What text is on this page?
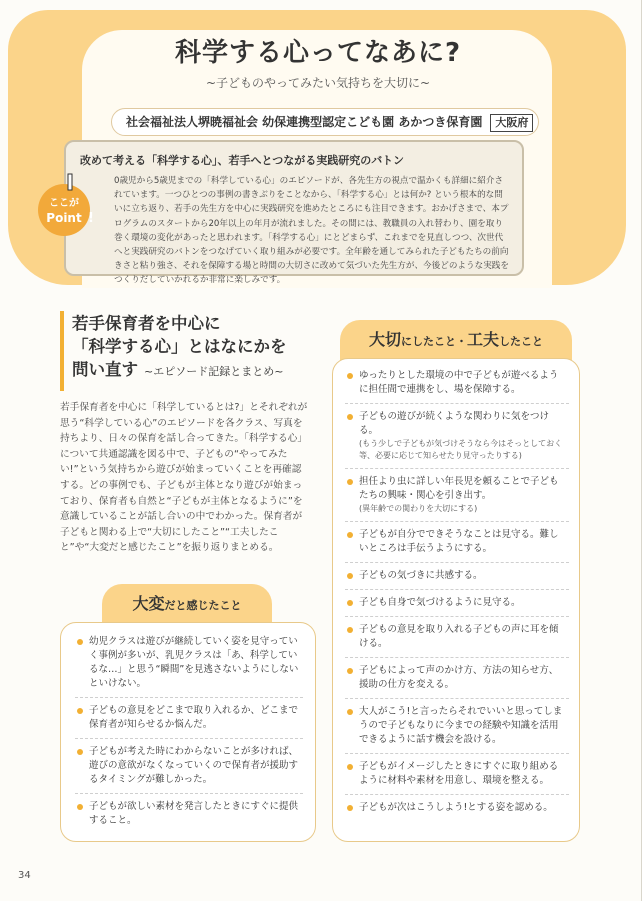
科学する心ってなあに?
~子どものやってみたい気持ちを大切に~
社会福祉法人堺暁福祉会 幼保連携型認定こども園 あかつき保育園 大阪府
改めて考える「科学する心」、若手へとつながる実践研究のバトン
0歳児から5歳児までの「科学している心」のエピソードが、各先生方の視点で温かくも詳細に紹介されています。一つひとつの事例の書きぶりをことなから、「科学する心」とは何か? という根本的な問いに立ち返り、若手の先生方を中心に実践研究を進めたところにも注目できます。おかげさまで、本プログラムのスタートから20年以上の年月が流れました。その間には、教職員の入れ替わり、園を取り巻く環境の変化があったと思われます。「科学する心」にとどまらず、これまでを見直しつつ、次世代へと実践研究のバトンをつなげていく取り組みが必要です。全年齢を通してみられた子どもたちの前向きさと粘り強さ、それを保障する場と時間の大切さに改めて気づいた先生方が、今後どのような実践をつくりだしていかれるか非常に楽しみです。
ここが
Point !
若手保育者を中心に
「科学する心」とはなにかを
問い直す ~エピソード記録とまとめ~
若手保育者を中心に「科学しているとは?」とそれぞれが思う“科学している心”のエピソードを各クラス、写真を持ちより、日々の保育を話し合ってきた。「科学する心」について共通認識を図る中で、子どもの“やってみたい!”という気持ちから遊びが始まっていくことを再確認する。どの事例でも、子どもが主体となり遊びが始まっており、保育者も自然と“子どもが主体となるように”を意識していることが話し合いの中でわかった。保育者が子どもと関わる上で“大切にしたこと”“工夫したこと”や“大変だと感じたこと”を振り返りまとめる。
大変だと感じたこと
幼児クラスは遊びが継続していく姿を見守っていく事例が多いが、乳児クラスは「あ、科学しているな…」と思う“瞬間”を見逃さないようにしないといけない。
子どもの意見をどこまで取り入れるか、どこまで保育者が知らせるか悩んだ。
子どもが考えた時にわからないことが多ければ、遊びの意欲がなくなっていくので保育者が援助するタイミングが難しかった。
子どもが欲しい素材を発言したときにすぐに提供すること。
大切にしたこと・工夫したこと
ゆったりとした環境の中で子どもが遊べるように担任間で連携をし、場を保障する。
子どもの遊びが続くような関わりに気をつける。
(もう少しで子どもが気づけそうなら今はそっとしておく等、必要に応じて知らせたり見守ったりする)
担任より虫に詳しい年長児を頼ることで子どもたちの興味・関心を引き出す。
(異年齢での関わりを大切にする)
子どもが自分でできそうなことは見守る。難しいところは手伝うようにする。
子どもの気づきに共感する。
子ども自身で気づけるように見守る。
子どもの意見を取り入れる子どもの声に耳を傾ける。
子どもによって声のかけ方、方法の知らせ方、援助の仕方を変える。
大人がこう!と言ったらそれでいいと思ってしまうので子どもなりに今までの経験や知識を活用できるように話す機会を設ける。
子どもがイメージしたときにすぐに取り組めるように材料や素材を用意し、環境を整える。
子どもが次はこうしよう!とする姿を認める。
34
